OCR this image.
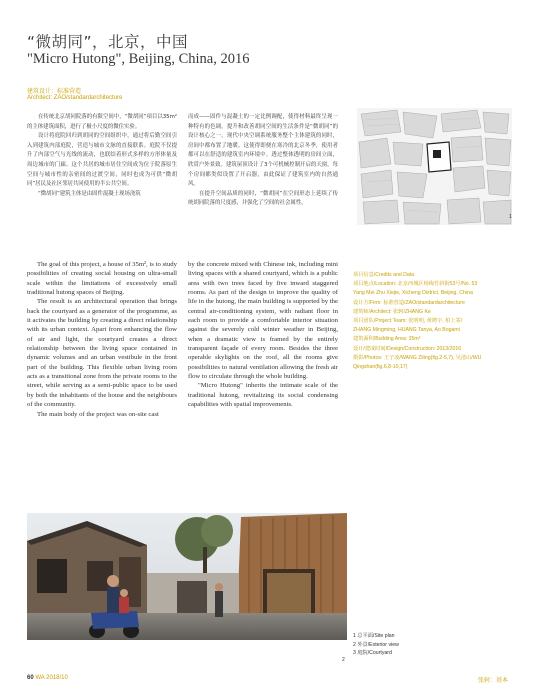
“微胡同”，北京，中国
"Micro Hutong", Beijing, China, 2016
建筑设计：标准营造
Architect: ZAO/standardarchitecture

在传统北京胡同院落的有限空间中，“微胡同”项目以35m²的主体建筑面积，进行了极小尺度的微住实验。

设计将庭院回归到胡同的空间组织中，通过将后勤空间引入到建筑内部庭院，营造与城市文脉的直接联系。庭院不仅提升了内部空气与光线的流动，也联结着形式多样的方形体量及周边城市的门廊。这个共居的城市居住空间成为位于院落原生空间与城市性的亲密间的过渡空间，同时也成为可供“微胡同”居民及社区邻居共同使用的半公共空间。

“微胡同”建筑主体是由固件混凝土现场浇筑

而成——固件与混凝土的一定比例调配，使得材料最终呈现一种特有的色调。提升和改善胡同空间的生活条件是“微胡同”的设计核心之一。现代中央空调系统服务整个主体建筑的同时，房间中都布置了地暖。这使得即便在寒冷的北京冬季，使用者都可以在舒适的建筑室内环境中。透过整体透明的房间立面，欣赏户外景致。建筑屋顶设计了3个可机械控制开启的天窗，每个房间都类似设置了开启器，由此保证了建筑室内的自然通风。

在提升空间品质的同时，“微胡同”在空间形态上延续了传统胡同院落的尺度感，并强化了空间的社会属性。

1

The goal of this project, a house of 35m², is to study possibilities of creating social housing on ultra-small scale within the limitations of excessively small traditional hutong spaces of Beijing.

The result is an architectural operation that brings back the courtyard as a generator of the programme, as it activates the building by creating a direct relationship with its urban context. Apart from enhancing the flow of air and light, the courtyard creates a direct relationship between the living space contained in dynamic volumes and an urban vestibule in the front part of the building. This flexible urban living room acts as a transitional zone from the private rooms to the street, while serving as a semi-public space to be used by both the inhabitants of the house and the neighbours of the community.

The main body of the project was on-site cast

by the concrete mixed with Chinese ink, including mini living spaces with a shared courtyard, which is a public area with two trees faced by five inward staggered rooms. As part of the design to improve the quality of life in the hutong, the main building is supported by the central air-conditioning system, with radiant floor in each room to provide a comfortable interior situation against the severely cold winter weather in Beijing, when a dramatic view is framed by the entirely transparent façade of every room. Besides the three operable skylights on the roof, all the rooms give possibilities to natural ventilation allowing the fresh air flow to circulate through the whole building.

"Micro Hutong" inherits the intimate scale of the traditional hutong, revitalizing its social condensing capabilities with spatial improvements.

项目信息/Credits and Data
项目地点/Location: 北京西城区杨梅竹斜街53号/No. 53
Yang Mei Zhu Xiejie, Xicheng District, Beijing, China
设计方/Firm: 标准营造/ZAO/standardarchitecture
建筑师/Architect: 张轲/ZHANG Ke
项目团队/Project Team: 张明明, 黄娉宇, 柏上霏/
ZHANG Mingming, HUANG Tanya, Ao Bogami
建筑面积/Building Area: 35m²
设计/建成时间/Design/Construction: 2013/2016
摄影/Photos: 王子凌/WANG Ziling(fig.2-5,7), 吴清山/WU
Qingshan(fig.6,8-10,17)
2
1 总平面/Site plan
2 外景/Exterior view
3 庭院/Courtyard
60 WA 2018/10	张轲：基本
